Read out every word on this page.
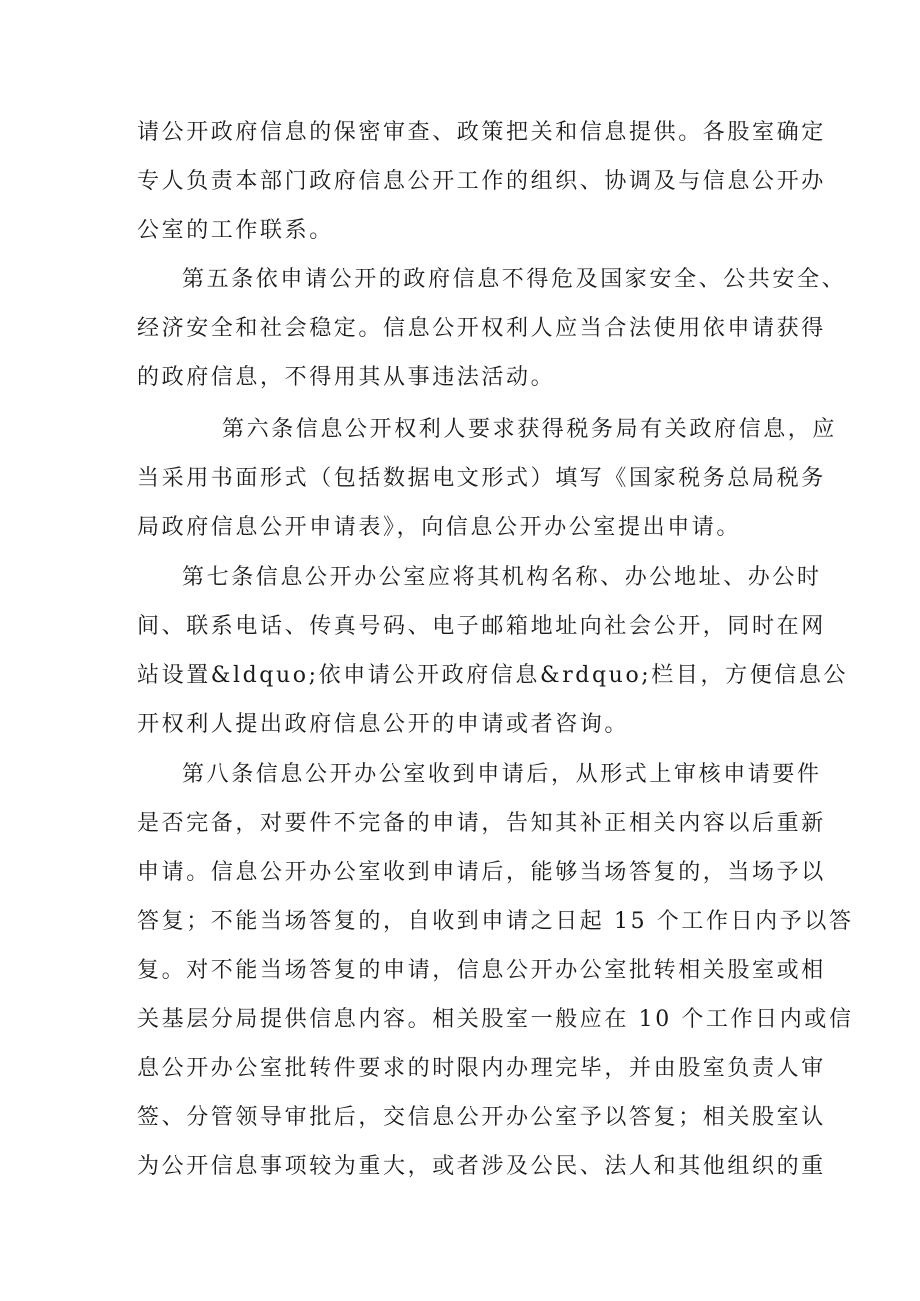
请公开政府信息的保密审查、政策把关和信息提供。各股室确定
专人负责本部门政府信息公开工作的组织、协调及与信息公开办
公室的工作联系。
第五条依申请公开的政府信息不得危及国家安全、公共安全、
经济安全和社会稳定。信息公开权利人应当合法使用依申请获得
的政府信息，不得用其从事违法活动。
第六条信息公开权利人要求获得税务局有关政府信息，应
当采用书面形式（包括数据电文形式）填写《国家税务总局税务
局政府信息公开申请表》，向信息公开办公室提出申请。
第七条信息公开办公室应将其机构名称、办公地址、办公时
间、联系电话、传真号码、电子邮箱地址向社会公开，同时在网
站设置&ldquo;依申请公开政府信息&rdquo;栏目，方便信息公
开权利人提出政府信息公开的申请或者咨询。
第八条信息公开办公室收到申请后，从形式上审核申请要件
是否完备，对要件不完备的申请，告知其补正相关内容以后重新
申请。信息公开办公室收到申请后，能够当场答复的，当场予以
答复；不能当场答复的，自收到申请之日起 15 个工作日内予以答
复。对不能当场答复的申请，信息公开办公室批转相关股室或相
关基层分局提供信息内容。相关股室一般应在 10 个工作日内或信
息公开办公室批转件要求的时限内办理完毕，并由股室负责人审
签、分管领导审批后，交信息公开办公室予以答复；相关股室认
为公开信息事项较为重大，或者涉及公民、法人和其他组织的重
